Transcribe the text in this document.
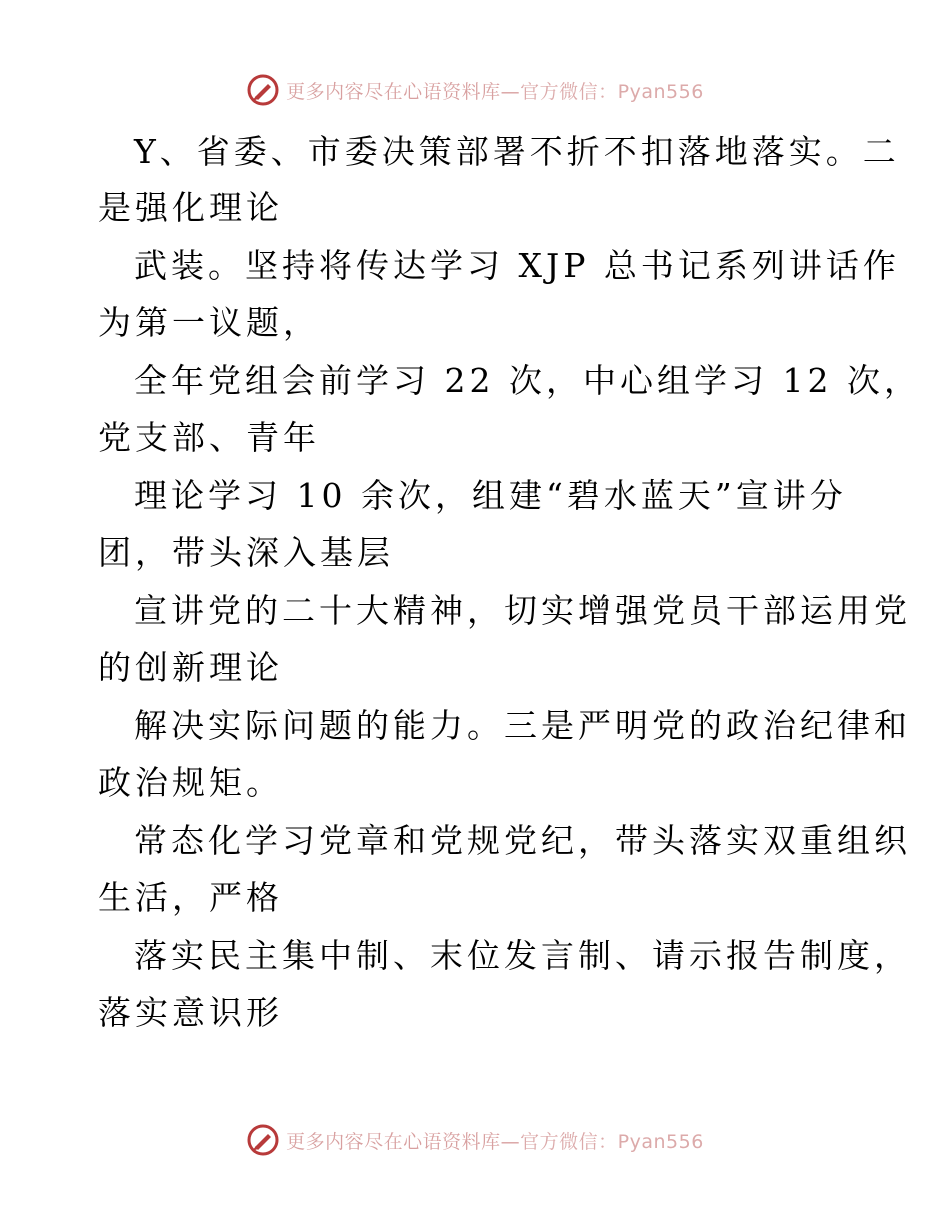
更多内容尽在心语资料库—官方微信：Pyan556
Y、省委、市委决策部署不折不扣落地落实。二
是强化理论
武装。坚持将传达学习 XJP 总书记系列讲话作
为第一议题，
全年党组会前学习 22 次，中心组学习 12 次，
党支部、青年
理论学习 10 余次，组建“碧水蓝天”宣讲分
团，带头深入基层
宣讲党的二十大精神，切实增强党员干部运用党
的创新理论
解决实际问题的能力。三是严明党的政治纪律和
政治规矩。
常态化学习党章和党规党纪，带头落实双重组织
生活，严格
落实民主集中制、末位发言制、请示报告制度，
落实意识形
更多内容尽在心语资料库—官方微信：Pyan556
